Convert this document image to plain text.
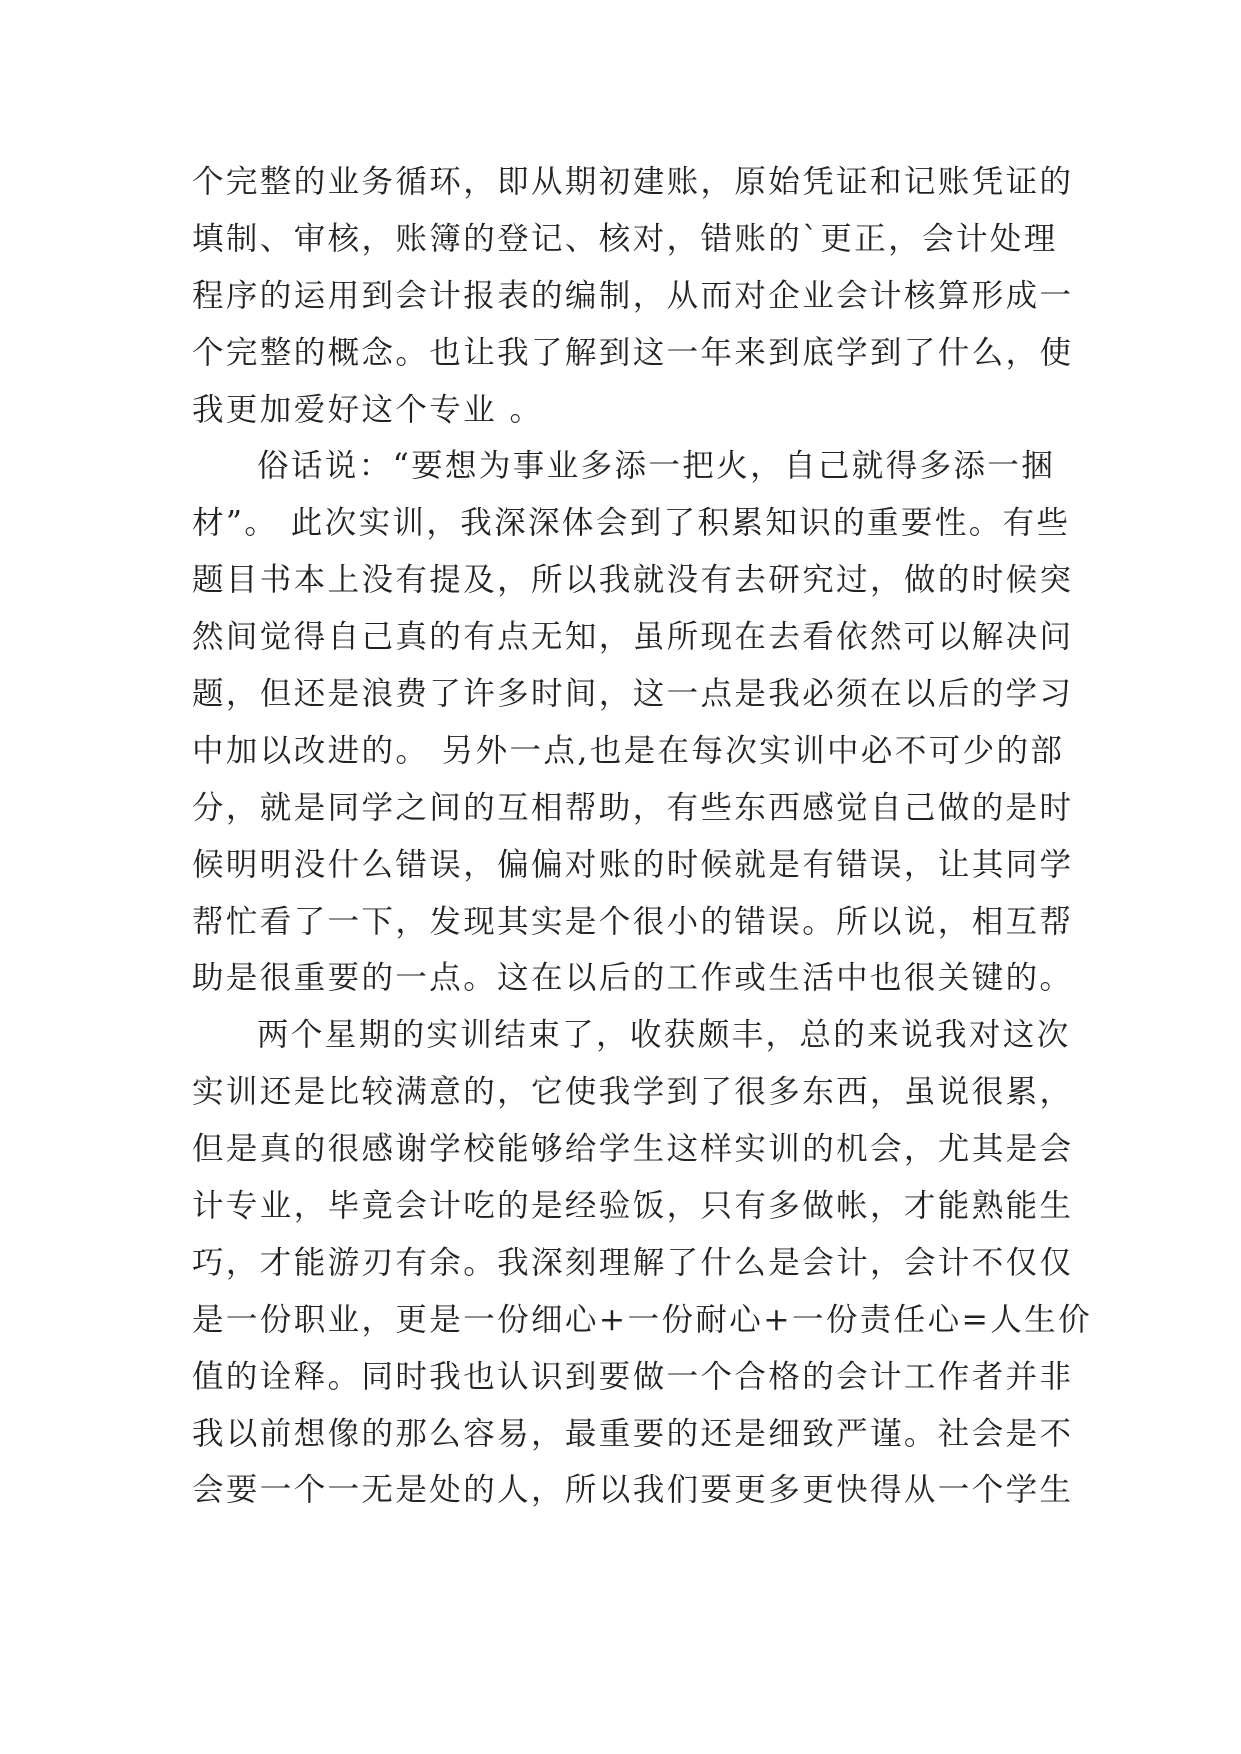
个完整的业务循环，即从期初建账，原始凭证和记账凭证的
填制、审核，账簿的登记、核对，错账的`更正，会计处理
程序的运用到会计报表的编制，从而对企业会计核算形成一
个完整的概念。也让我了解到这一年来到底学到了什么，使
我更加爱好这个专业 。
俗话说：“要想为事业多添一把火，自己就得多添一捆
材”。 此次实训，我深深体会到了积累知识的重要性。有些
题目书本上没有提及，所以我就没有去研究过，做的时候突
然间觉得自己真的有点无知，虽所现在去看依然可以解决问
题，但还是浪费了许多时间，这一点是我必须在以后的学习
中加以改进的。 另外一点,也是在每次实训中必不可少的部
分，就是同学之间的互相帮助，有些东西感觉自己做的是时
候明明没什么错误，偏偏对账的时候就是有错误，让其同学
帮忙看了一下，发现其实是个很小的错误。所以说，相互帮
助是很重要的一点。这在以后的工作或生活中也很关键的。
两个星期的实训结束了，收获颇丰，总的来说我对这次
实训还是比较满意的，它使我学到了很多东西，虽说很累，
但是真的很感谢学校能够给学生这样实训的机会，尤其是会
计专业，毕竟会计吃的是经验饭，只有多做帐，才能熟能生
巧，才能游刃有余。我深刻理解了什么是会计，会计不仅仅
是一份职业，更是一份细心+一份耐心+一份责任心=人生价
值的诠释。同时我也认识到要做一个合格的会计工作者并非
我以前想像的那么容易，最重要的还是细致严谨。社会是不
会要一个一无是处的人，所以我们要更多更快得从一个学生
